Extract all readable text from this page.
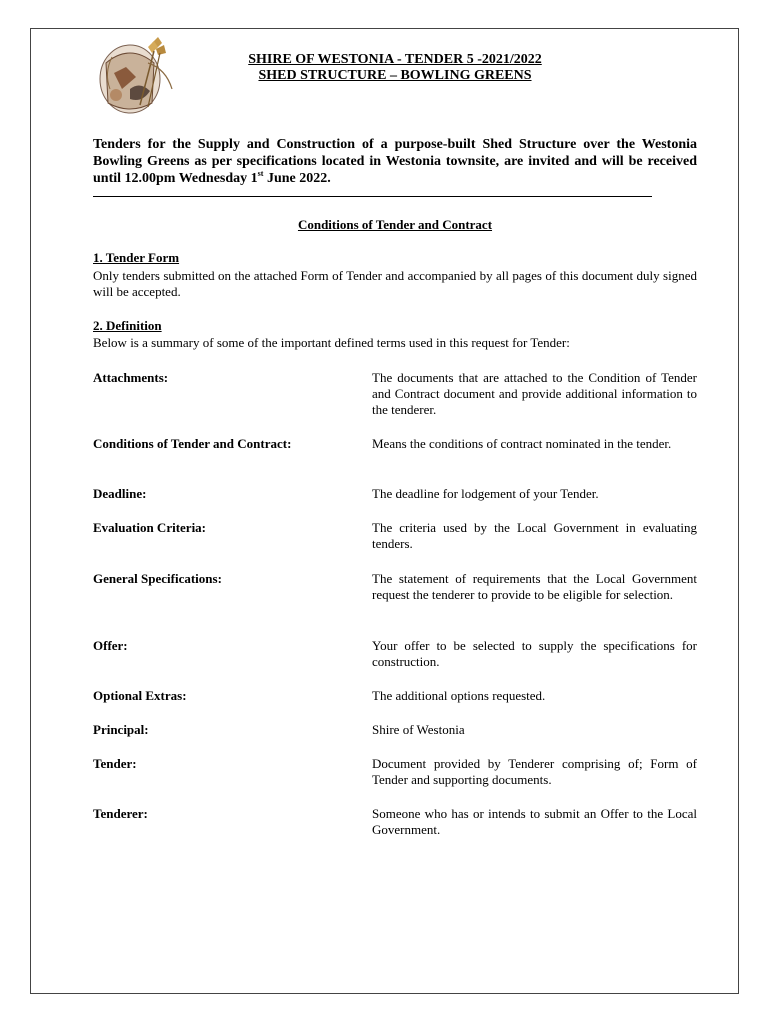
SHIRE OF WESTONIA - TENDER 5 -2021/2022
SHED STRUCTURE – BOWLING GREENS
Tenders for the Supply and Construction of a purpose-built Shed Structure over the Westonia Bowling Greens as per specifications located in Westonia townsite, are invited and will be received until 12.00pm Wednesday 1st June 2022.
Conditions of Tender and Contract
1. Tender Form
Only tenders submitted on the attached Form of Tender and accompanied by all pages of this document duly signed will be accepted.
2. Definition
Below is a summary of some of the important defined terms used in this request for Tender:
Attachments:	The documents that are attached to the Condition of Tender and Contract document and provide additional information to the tenderer.
Conditions of Tender and Contract:	Means the conditions of contract nominated in the tender.
Deadline:	The deadline for lodgement of your Tender.
Evaluation Criteria:	The criteria used by the Local Government in evaluating tenders.
General Specifications:	The statement of requirements that the Local Government request the tenderer to provide to be eligible for selection.
Offer:	Your offer to be selected to supply the specifications for construction.
Optional Extras:	The additional options requested.
Principal:	Shire of Westonia
Tender:	Document provided by Tenderer comprising of; Form of Tender and supporting documents.
Tenderer:	Someone who has or intends to submit an Offer to the Local Government.
